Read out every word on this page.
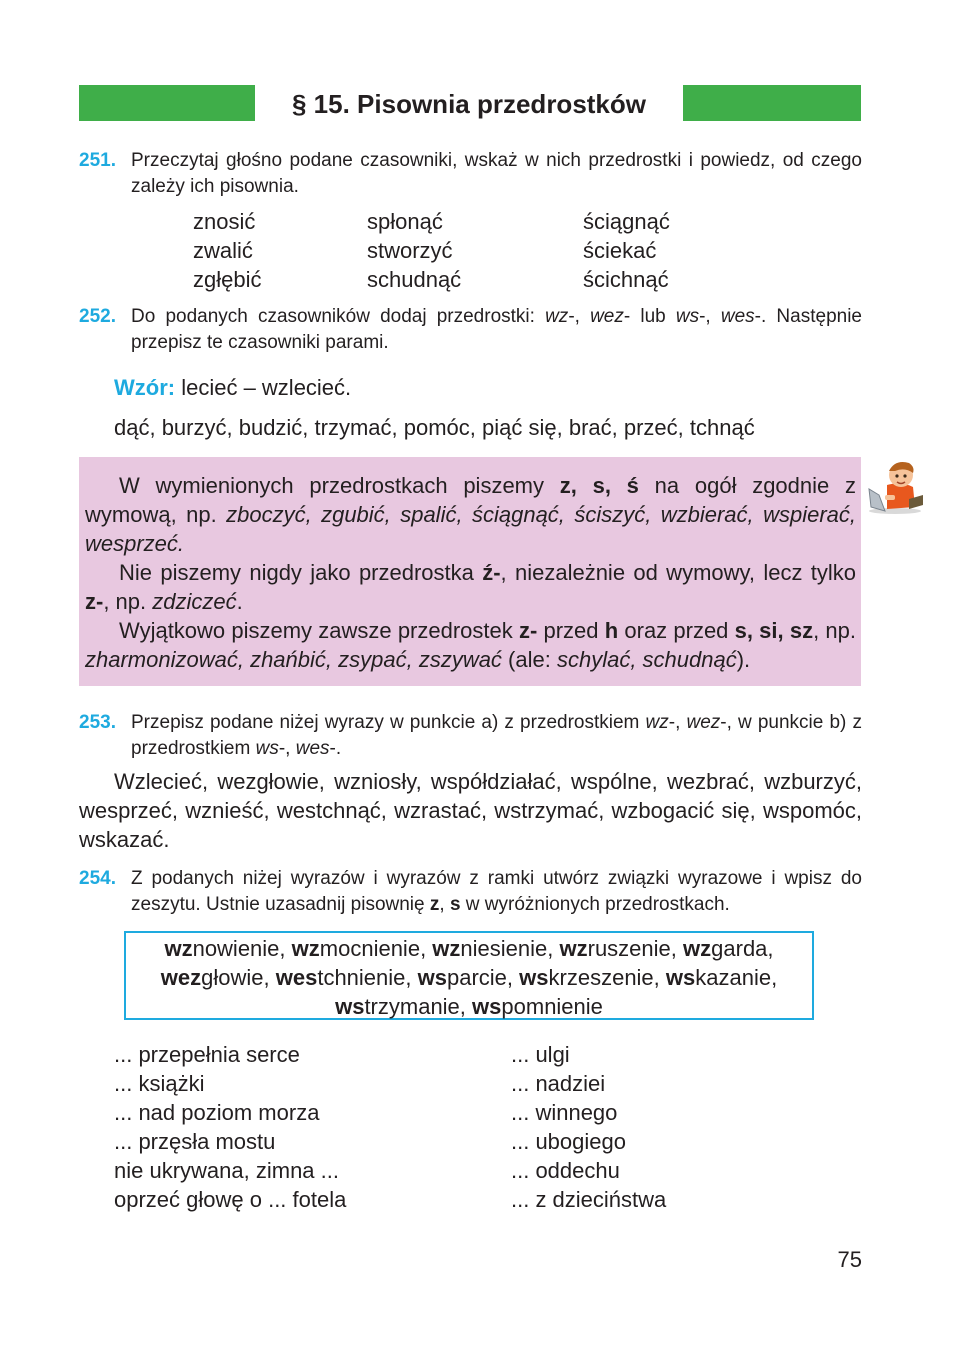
§ 15. Pisownia przedrostków
251. Przeczytaj głośno podane czasowniki, wskaż w nich przedrostki i powiedz, od czego zależy ich pisownia.
znosić
zwalić
zgłębić
spłonąć
stworzyć
schudnąć
ściągnąć
ściekać
ścichnąć
252. Do podanych czasowników dodaj przedrostki: wz-, wez- lub ws-, wes-. Następnie przepisz te czasowniki parami.
Wzór: lecieć – wzlecieć.
dąć, burzyć, budzić, trzymać, pomóc, piąć się, brać, przeć, tchnąć

W wymienionych przedrostkach piszemy z, s, ś na ogół zgodnie z wymową, np. zboczyć, zgubić, spalić, ściągnąć, ściszyć, wzbierać, wspierać, wesprzeć.

Nie piszemy nigdy jako przedrostka ź-, niezależnie od wymowy, lecz tylko z-, np. zdziczeć.

Wyjątkowo piszemy zawsze przedrostek z- przed h oraz przed s, si, sz, np. zharmonizować, zhańbić, zsypać, zszywać (ale: schylać, schudnąć).

253. Przepisz podane niżej wyrazy w punkcie a) z przedrostkiem wz-, wez-, w punkcie b) z przedrostkiem ws-, wes-.
Wzlecieć, wezgłowie, wzniosły, współdziałać, wspólne, wezbrać, wzburzyć, wesprzeć, wznieść, westchnąć, wzrastać, wstrzymać, wzbogacić się, wspomóc, wskazać.
254. Z podanych niżej wyrazów i wyrazów z ramki utwórz związki wyrazowe i wpisz do zeszytu. Ustnie uzasadnij pisownię z, s w wyróżnionych przedrostkach.
wznowienie, wzmocnienie, wzniesienie, wzruszenie, wzgarda,
wezgłowie, westchnienie, wsparcie, wskrzeszenie, wskazanie,
wstrzymanie, wspomnienie
... przepełnia serce
... książki
... nad poziom morza
... przęsła mostu
nie ukrywana, zimna ...
oprzeć głowę o ... fotela
... ulgi
... nadziei
... winnego
... ubogiego
... oddechu
... z dzieciństwa
75
